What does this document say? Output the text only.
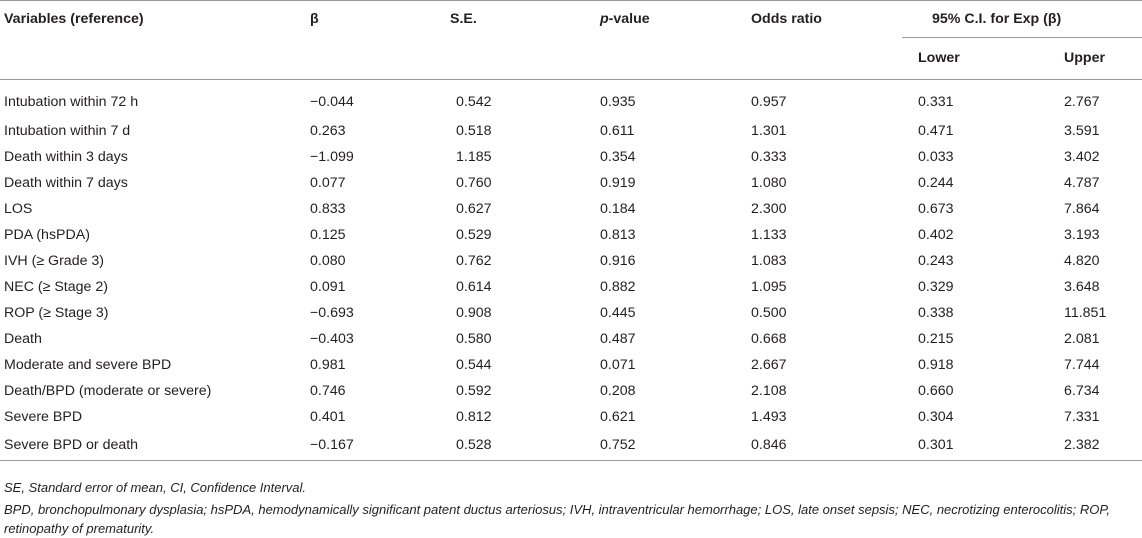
Variables (reference)	β	S.E.	p-value	Odds ratio	95% C.I. for Exp (β)	
					Lower	Upper
Intubation within 72 h	−0.044	0.542	0.935	0.957	0.331	2.767
Intubation within 7 d	0.263	0.518	0.611	1.301	0.471	3.591
Death within 3 days	−1.099	1.185	0.354	0.333	0.033	3.402
Death within 7 days	0.077	0.760	0.919	1.080	0.244	4.787
LOS	0.833	0.627	0.184	2.300	0.673	7.864
PDA (hsPDA)	0.125	0.529	0.813	1.133	0.402	3.193
IVH (≥ Grade 3)	0.080	0.762	0.916	1.083	0.243	4.820
NEC (≥ Stage 2)	0.091	0.614	0.882	1.095	0.329	3.648
ROP (≥ Stage 3)	−0.693	0.908	0.445	0.500	0.338	11.851
Death	−0.403	0.580	0.487	0.668	0.215	2.081
Moderate and severe BPD	0.981	0.544	0.071	2.667	0.918	7.744
Death/BPD (moderate or severe)	0.746	0.592	0.208	2.108	0.660	6.734
Severe BPD	0.401	0.812	0.621	1.493	0.304	7.331
Severe BPD or death	−0.167	0.528	0.752	0.846	0.301	2.382

SE, Standard error of mean, CI, Confidence Interval.

BPD, bronchopulmonary dysplasia; hsPDA, hemodynamically significant patent ductus arteriosus; IVH, intraventricular hemorrhage; LOS, late onset sepsis; NEC, necrotizing enterocolitis; ROP, retinopathy of prematurity.
